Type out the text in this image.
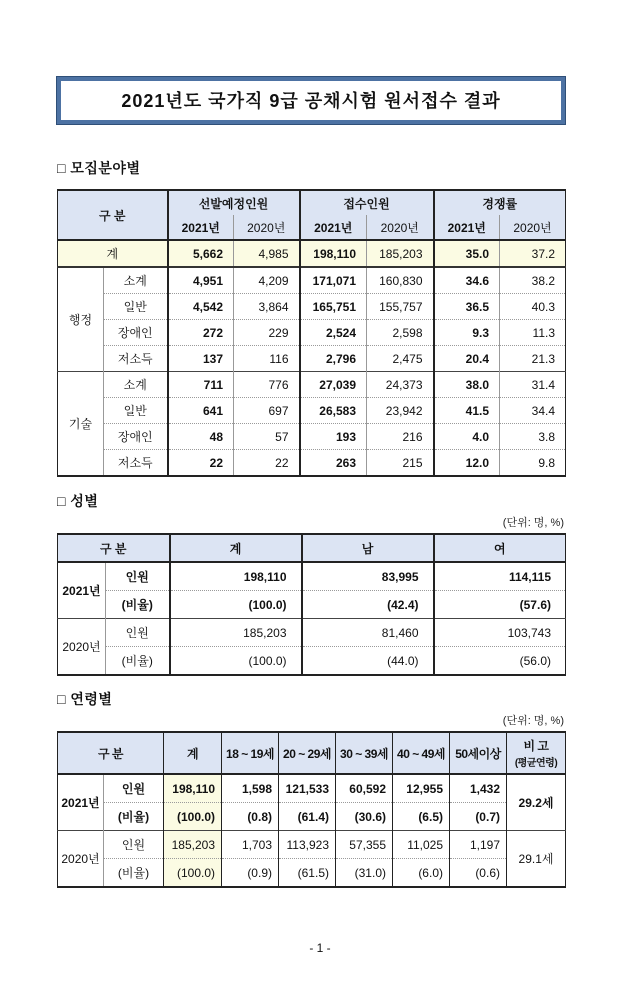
2021년도 국가직 9급 공채시험 원서접수 결과
□ 모집분야별
구 분		선발예정인원		접수인원		경쟁률	
		2021년	2020년	2021년	2020년	2021년	2020년
계		5,662	4,985	198,110	185,203	35.0	37.2
행정	소계	4,951	4,209	171,071	160,830	34.6	38.2
	일반	4,542	3,864	165,751	155,757	36.5	40.3
	장애인	272	229	2,524	2,598	9.3	11.3
	저소득	137	116	2,796	2,475	20.4	21.3
기술	소계	711	776	27,039	24,373	38.0	31.4
	일반	641	697	26,583	23,942	41.5	34.4
	장애인	48	57	193	216	4.0	3.8
	저소득	22	22	263	215	12.0	9.8
□ 성별
(단위: 명, %)
구 분		계	남	여
2021년	인원	198,110	83,995	114,115
	(비율)	(100.0)	(42.4)	(57.6)
2020년	인원	185,203	81,460	103,743
	(비율)	(100.0)	(44.0)	(56.0)
□ 연령별
(단위: 명, %)
구 분		계	18 ~ 19세	20 ~ 29세	30 ~ 39세	40 ~ 49세	50세이상	비 고
(평균연령)

2021년	인원	198,110	1,598	121,533	60,592	12,955	1,432	29.2세
	(비율)	(100.0)	(0.8)	(61.4)	(30.6)	(6.5)	(0.7)	
2020년	인원	185,203	1,703	113,923	57,355	11,025	1,197	29.1세
	(비율)	(100.0)	(0.9)	(61.5)	(31.0)	(6.0)	(0.6)	
- 1 -
